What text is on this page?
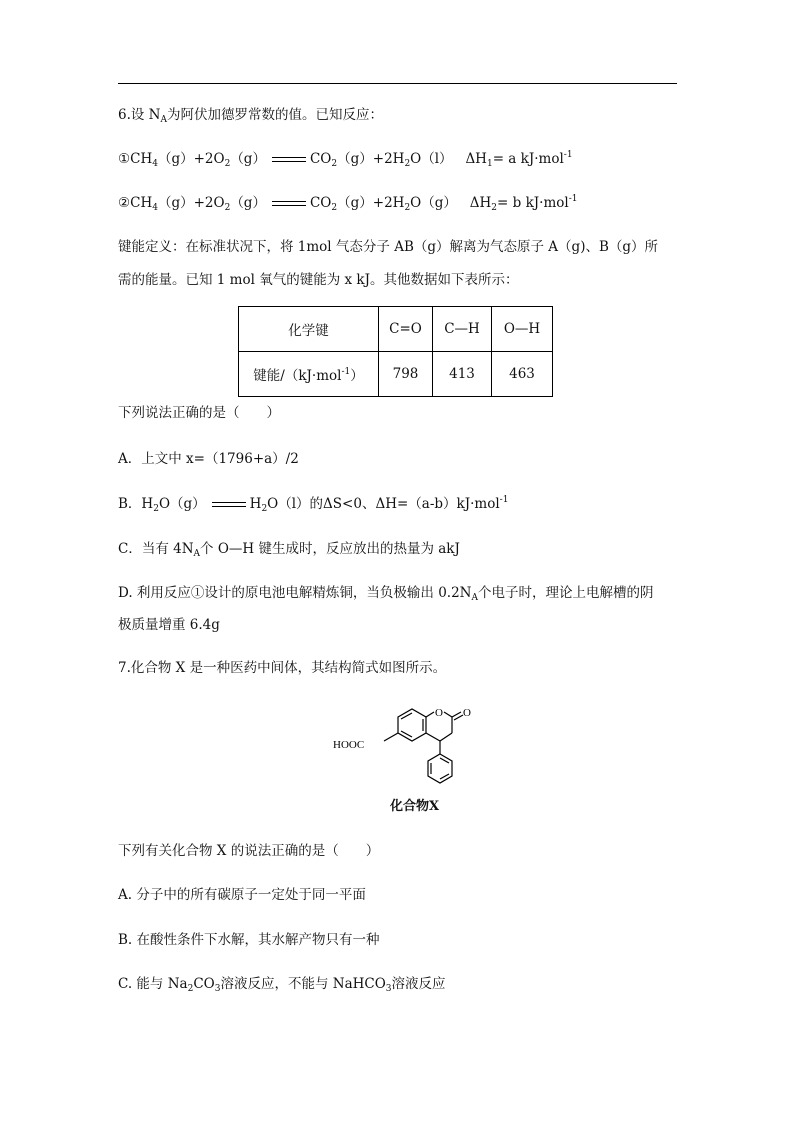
6.设 $N_A$为阿伏加德罗常数的值。已知反应：
$①CH_4(g)+2O_2(g)$	$CO_2(g)+2H_2O(l)$ $\Delta H_1= a$ kJ·mol$^{-1}$
$②CH_4(g)+2O_2(g)$	$CO_2(g)+2H_2O(g)$ $\Delta H_2= b$ kJ·mol$^{-1}$
键能定义：在标准状况下，将 1mol 气态分子 AB（g）解离为气态原子 A（g)、B（g）所
需的能量。已知 1 mol 氧气的键能为 x kJ。其他数据如下表所示：
化学键	C=O	C—H	O—H
键能/（kJ·mol$^{-1}$）	798	413	463
下列说法正确的是（　　）
A．上文中 x=（1796+a）/2
B．$H_2O(g)$	$H_2O(l)$的ΔS<0、ΔH=（a-b）kJ·mol$^{-1}$
C．当有 $4N_A$个 O—H 键生成时，反应放出的热量为 akJ
D. 利用反应①设计的原电池电解精炼铜，当负极输出 $0.2N_A$个电子时，理论上电解槽的阴
极质量增重 6.4g
7.化合物 X 是一种医药中间体，其结构简式如图所示。
O O
HOOC
化合物X
下列有关化合物 X 的说法正确的是（　　）
A. 分子中的所有碳原子一定处于同一平面
B. 在酸性条件下水解，其水解产物只有一种
C. 能与 $Na_2CO_3$溶液反应，不能与 NaHCO$_3$溶液反应
